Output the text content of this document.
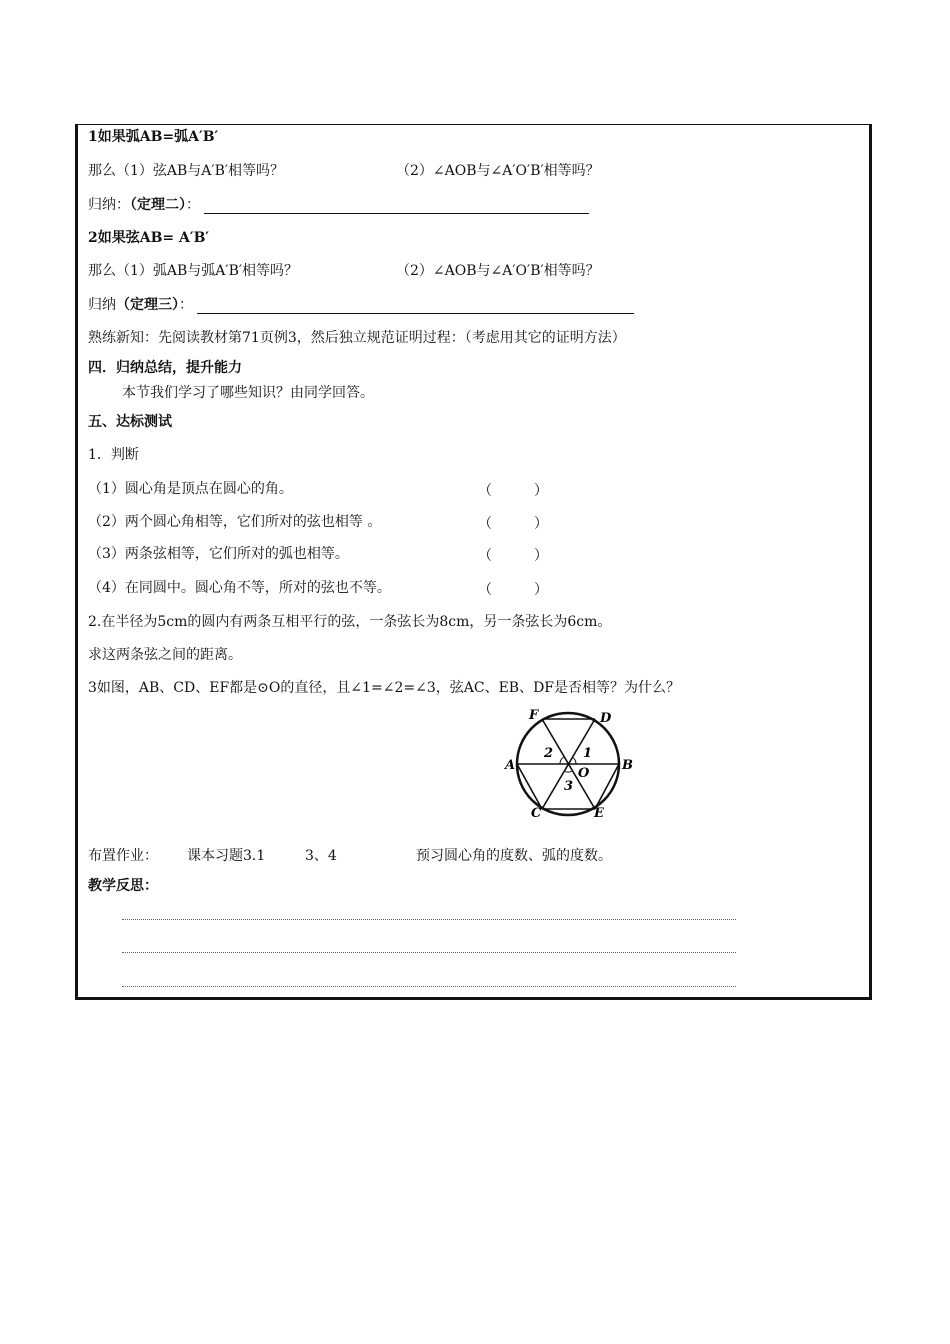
1如果弧AB=弧A′B′
那么（1）弦AB与A′B′相等吗？	（2）∠AOB与∠A′O′B′相等吗？
归纳：（定理二）：
2如果弦AB= A′B′
那么（1）弧AB与弧A′B′相等吗？	（2）∠AOB与∠A′O′B′相等吗？
归纳（定理三）：
熟练新知：先阅读教材第71页例3，然后独立规范证明过程：（考虑用其它的证明方法）
四．归纳总结，提升能力
本节我们学习了哪些知识？由同学回答。
五、达标测试
1．判断
（1）圆心角是顶点在圆心的角。	（　　　）
（2）两个圆心角相等，它们所对的弦也相等 。	（　　　）
（3）两条弦相等，它们所对的弧也相等。	（　　　）
（4）在同圆中。圆心角不等，所对的弦也不等。	（　　　）
2.在半径为5cm的圆内有两条互相平行的弦，一条弦长为8cm，另一条弦长为6cm。
求这两条弦之间的距离。
3如图，AB、CD、EF都是⊙O的直径，且∠1=∠2=∠3，弦AC、EB、DF是否相等？为什么？
F	D
A	B
C	E
O
1
2
3
布置作业： 课本习题3.1	3、4	预习圆心角的度数、弧的度数。
教学反思：
